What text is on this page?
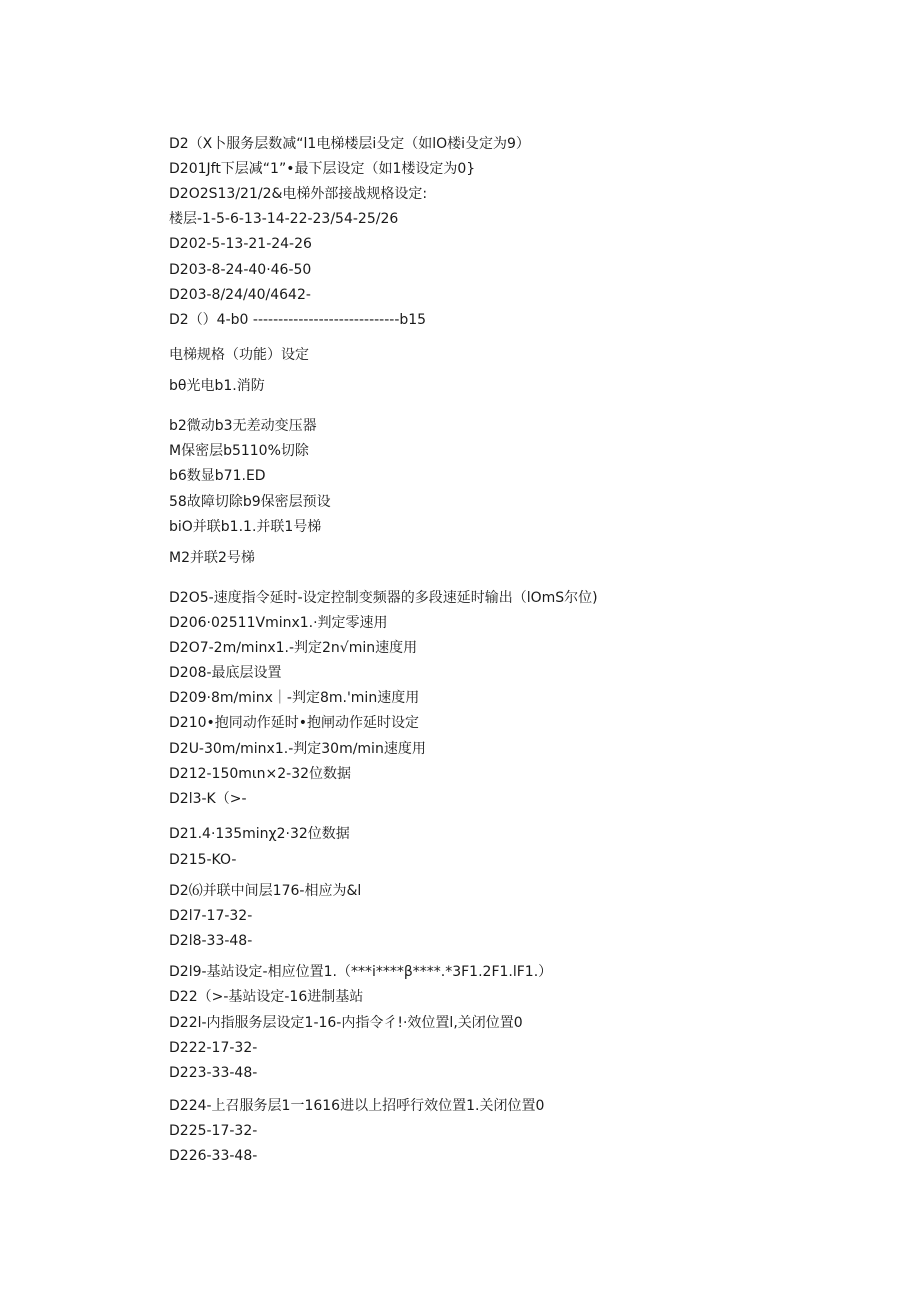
D2（X卜服务层数减“l1电梯楼层i殳定（如lO楼i殳定为9）
D201Jft下层减“1”•最下层设定（如1楼设定为0}
D2O2S13/21/2&电梯外部接战规格设定:
楼层-1-5-6-13-14-22-23/54-25/26
D202-5-13-21-24-26
D203-8-24-40·46-50
D203-8/24/40/4642-
D2（）4-b0 -----------------------------b15
电梯规格（功能）设定
bθ光电b1.消防
b2微动b3无差动变压器
M保密层b5110%切除
b6数显b71.ED
58故障切除b9保密层预设
biO并联b1.1.并联1号梯
M2并联2号梯
D2O5-速度指令延时-设定控制变频器的多段速延时输出（lOmS尔位)
D206·02511Vminx1.·判定零速用
D2O7-2m∕minx1.-判定2n√min速度用
D208-最底层设置
D209·8m∕minx｜-判定8m.'min速度用
D210•抱同动作延时•抱闸动作延时设定
D2U-30m∕minx1.-判定30m∕min速度用
D212-150mιn×2-32位数据
D2l3-K（>-
D21.4·135minχ2·32位数据
D215-KO-
D2⑹并联中间层176-相应为&l
D2l7-17-32-
D2l8-33-48-
D2l9-基站设定-相应位置1.（***i****β****.*3F1.2F1.lF1.）
D22（>-基站设定-16进制基站
D22l-内指服务层设定1-16-内指令彳!·效位置l,关闭位置0
D222-17-32-
D223-33-48-
D224-上召服务层1一1616进以上招呼行效位置1.关闭位置0
D225-17-32-
D226-33-48-
